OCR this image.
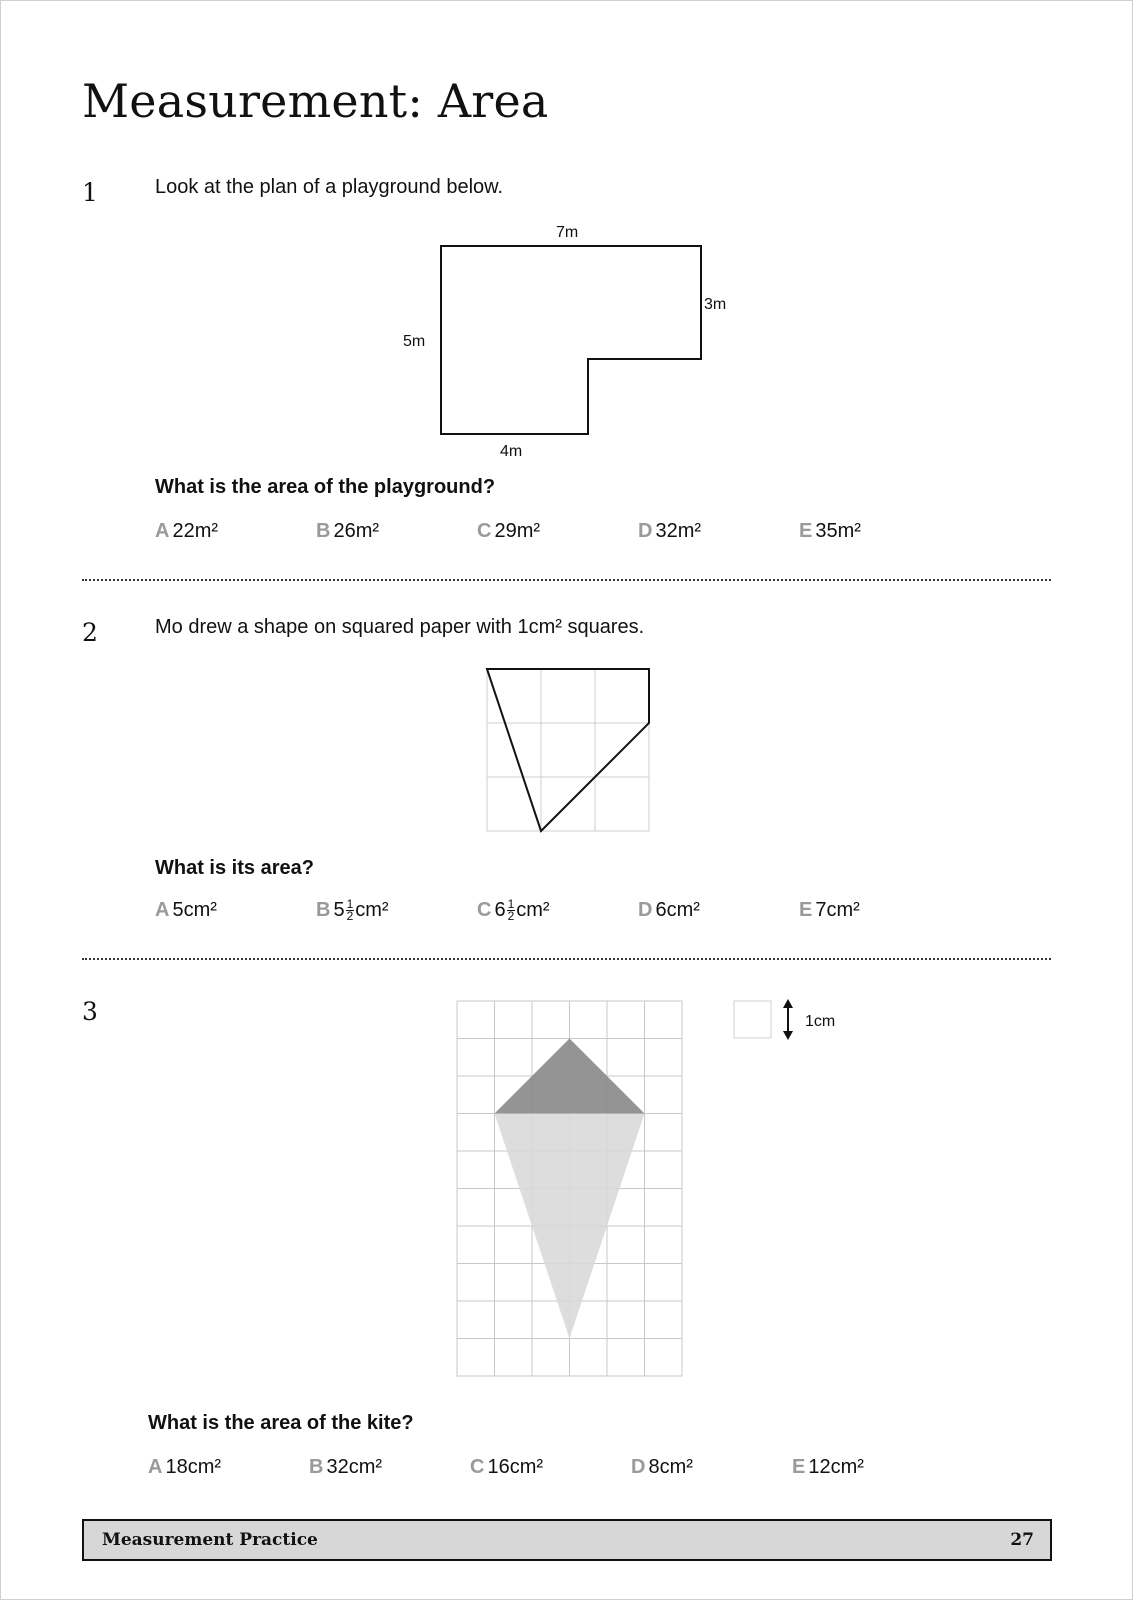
Measurement: Area
1	Look at the plan of a playground below.
7m
3m
5m
4m
What is the area of the playground?
A 22m²	B 26m²	C 29m²	D 32m²	E 35m²
2	Mo drew a shape on squared paper with 1cm² squares.
What is its area?
A 5cm²	B $5 \frac{1}{2} cm^2$	C $6 \frac{1}{2} cm^2$	D 6cm²	E 7cm²
3	1cm
What is the area of the kite?
A 18cm²	B 32cm²	C 16cm²	D 8cm²	E 12cm²
Measurement Practice	27
